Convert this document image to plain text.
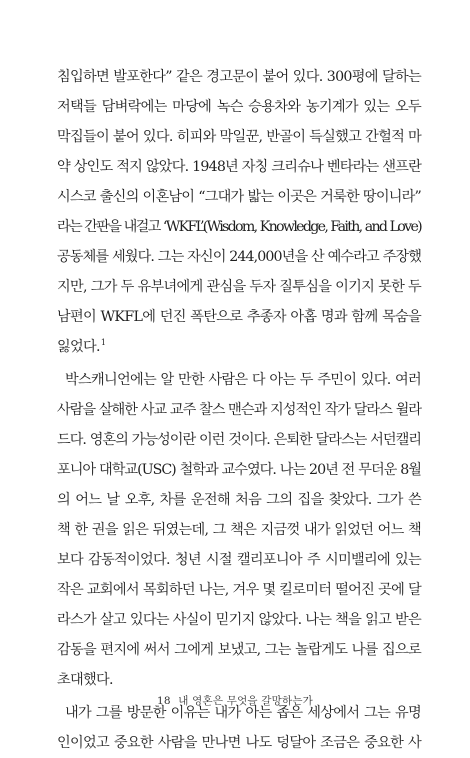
침입하면 발포한다” 같은 경고문이 붙어 있다. 300평에 달하는
저택들 담벼락에는 마당에 녹슨 승용차와 농기계가 있는 오두
막집들이 붙어 있다. 히피와 막일꾼, 반골이 득실했고 간헐적 마
약 상인도 적지 않았다. 1948년 자칭 크리슈나 벤타라는 샌프란
시스코 출신의 이혼남이 “그대가 밟는 이곳은 거룩한 땅이니라”
라는 간판을 내걸고 ‘WKFL’(Wisdom, Knowledge, Faith, and Love)
공동체를 세웠다. 그는 자신이 244,000년을 산 예수라고 주장했
지만, 그가 두 유부녀에게 관심을 두자 질투심을 이기지 못한 두
남편이 WKFL에 던진 폭탄으로 추종자 아홉 명과 함께 목숨을
잃었다.$^1$
박스캐니언에는 알 만한 사람은 다 아는 두 주민이 있다. 여러
사람을 살해한 사교 교주 찰스 맨슨과 지성적인 작가 달라스 윌라
드다. 영혼의 가능성이란 이런 것이다. 은퇴한 달라스는 서던캘리
포니아 대학교(USC) 철학과 교수였다. 나는 20년 전 무더운 8월
의 어느 날 오후, 차를 운전해 처음 그의 집을 찾았다. 그가 쓴
책 한 권을 읽은 뒤였는데, 그 책은 지금껏 내가 읽었던 어느 책
보다 감동적이었다. 청년 시절 캘리포니아 주 시미밸리에 있는
작은 교회에서 목회하던 나는, 겨우 몇 킬로미터 떨어진 곳에 달
라스가 살고 있다는 사실이 믿기지 않았다. 나는 책을 읽고 받은
감동을 편지에 써서 그에게 보냈고, 그는 놀랍게도 나를 집으로
초대했다.
내가 그를 방문한 이유는 내가 아는 좁은 세상에서 그는 유명
인이었고 중요한 사람을 만나면 나도 덩달아 조금은 중요한 사
18 내 영혼은 무엇을 갈망하는가
